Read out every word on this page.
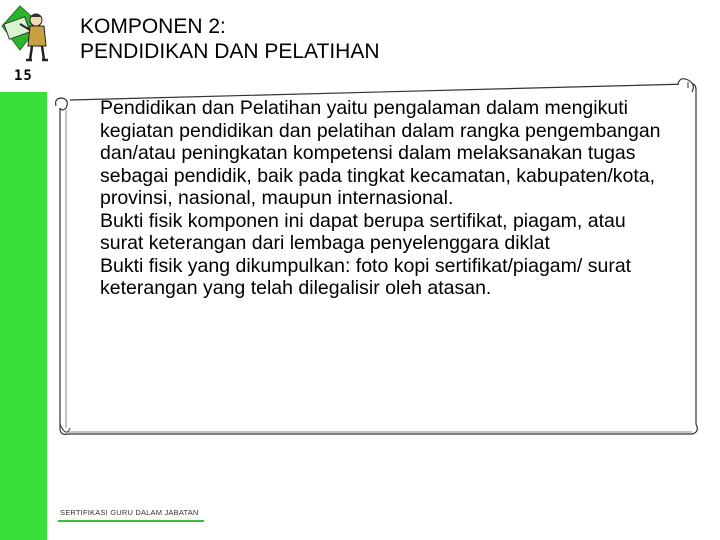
15
KOMPONEN 2:
PENDIDIKAN DAN PELATIHAN

Pendidikan dan Pelatihan yaitu pengalaman dalam mengikuti kegiatan pendidikan dan pelatihan dalam rangka pengembangan dan/atau peningkatan kompetensi dalam melaksanakan tugas sebagai pendidik, baik pada tingkat kecamatan, kabupaten/kota, provinsi, nasional, maupun internasional.

Bukti fisik komponen ini dapat berupa sertifikat, piagam, atau surat keterangan dari lembaga penyelenggara diklat

Bukti fisik yang dikumpulkan: foto kopi sertifikat/piagam/ surat keterangan yang telah dilegalisir oleh atasan.

SERTIFIKASI GURU DALAM JABATAN
